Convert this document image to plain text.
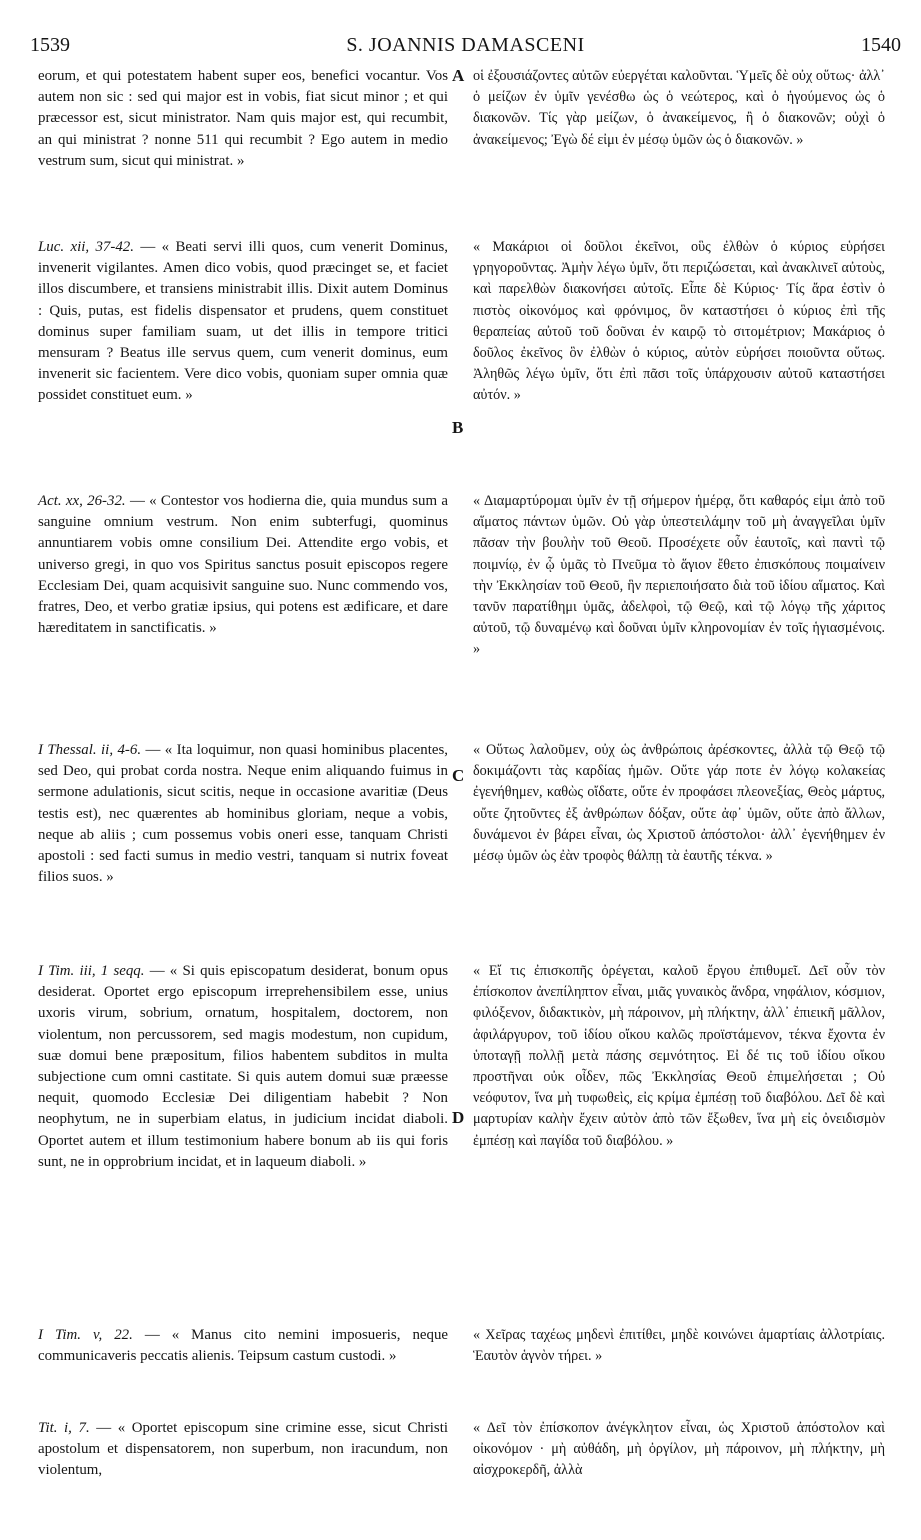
1539	S. JOANNIS DAMASCENI	1540
A
B
C
D

eorum, et qui potestatem habent super eos, benefici vocantur. Vos autem non sic : sed qui major est in vobis, fiat sicut minor ; et qui præcessor est, sicut ministrator. Nam quis major est, qui recumbit, an qui ministrat ? nonne 511 qui recumbit ? Ego autem in medio vestrum sum, sicut qui ministrat. »

Luc. xii, 37-42. — « Beati servi illi quos, cum venerit Dominus, invenerit vigilantes. Amen dico vobis, quod præcinget se, et faciet illos discumbere, et transiens ministrabit illis. Dixit autem Dominus : Quis, putas, est fidelis dispensator et prudens, quem constituet dominus super familiam suam, ut det illis in tempore tritici mensuram ? Beatus ille servus quem, cum venerit dominus, eum invenerit sic facientem. Vere dico vobis, quoniam super omnia quæ possidet constituet eum. »

Act. xx, 26-32. — « Contestor vos hodierna die, quia mundus sum a sanguine omnium vestrum. Non enim subterfugi, quominus annuntiarem vobis omne consilium Dei. Attendite ergo vobis, et universo gregi, in quo vos Spiritus sanctus posuit episcopos regere Ecclesiam Dei, quam acquisivit sanguine suo. Nunc commendo vos, fratres, Deo, et verbo gratiæ ipsius, qui potens est ædificare, et dare hæreditatem in sanctificatis. »

I Thessal. ii, 4-6. — « Ita loquimur, non quasi hominibus placentes, sed Deo, qui probat corda nostra. Neque enim aliquando fuimus in sermone adulationis, sicut scitis, neque in occasione avaritiæ (Deus testis est), nec quærentes ab hominibus gloriam, neque a vobis, neque ab aliis ; cum possemus vobis oneri esse, tanquam Christi apostoli : sed facti sumus in medio vestri, tanquam si nutrix foveat filios suos. »

I Tim. iii, 1 seqq. — « Si quis episcopatum desiderat, bonum opus desiderat. Oportet ergo episcopum irreprehensibilem esse, unius uxoris virum, sobrium, ornatum, hospitalem, doctorem, non violentum, non percussorem, sed magis modestum, non cupidum, suæ domui bene præpositum, filios habentem subditos in multa subjectione cum omni castitate. Si quis autem domui suæ præesse nequit, quomodo Ecclesiæ Dei diligentiam habebit ? Non neophytum, ne in superbiam elatus, in judicium incidat diaboli. Oportet autem et illum testimonium habere bonum ab iis qui foris sunt, ne in opprobrium incidat, et in laqueum diaboli. »

I Tim. v, 22. — « Manus cito nemini imposueris, neque communicaveris peccatis alienis. Teipsum castum custodi. »

Tit. i, 7. — « Oportet episcopum sine crimine esse, sicut Christi apostolum et dispensatorem, non superbum, non iracundum, non violentum,

οἱ ἐξουσιάζοντες αὐτῶν εὐεργέται καλοῦνται. Ὑμεῖς δὲ οὐχ οὕτως· ἀλλ᾽ ὁ μείζων ἐν ὑμῖν γενέσθω ὡς ὁ νεώτερος, καὶ ὁ ἡγούμενος ὡς ὁ διακονῶν. Τίς γὰρ μείζων, ὁ ἀνακείμενος, ἢ ὁ διακονῶν; οὐχὶ ὁ ἀνακείμενος; Ἐγὼ δέ εἰμι ἐν μέσῳ ὑμῶν ὡς ὁ διακονῶν. »

« Μακάριοι οἱ δοῦλοι ἐκεῖνοι, οὓς ἐλθὼν ὁ κύριος εὑρήσει γρηγοροῦντας. Ἀμὴν λέγω ὑμῖν, ὅτι περιζώσεται, καὶ ἀνακλινεῖ αὐτοὺς, καὶ παρελθὼν διακονήσει αὐτοῖς. Εἶπε δὲ Κύριος· Τίς ἄρα ἐστὶν ὁ πιστὸς οἰκονόμος καὶ φρόνιμος, ὃν καταστήσει ὁ κύριος ἐπὶ τῆς θεραπείας αὐτοῦ τοῦ δοῦναι ἐν καιρῷ τὸ σιτομέτριον; Μακάριος ὁ δοῦλος ἐκεῖνος ὃν ἐλθὼν ὁ κύριος, αὐτὸν εὑρήσει ποιοῦντα οὕτως. Ἀληθῶς λέγω ὑμῖν, ὅτι ἐπὶ πᾶσι τοῖς ὑπάρχουσιν αὐτοῦ καταστήσει αὐτόν. »

« Διαμαρτύρομαι ὑμῖν ἐν τῇ σήμερον ἡμέρᾳ, ὅτι καθαρός εἰμι ἀπὸ τοῦ αἵματος πάντων ὑμῶν. Οὐ γὰρ ὑπεστειλάμην τοῦ μὴ ἀναγγεῖλαι ὑμῖν πᾶσαν τὴν βουλὴν τοῦ Θεοῦ. Προσέχετε οὖν ἑαυτοῖς, καὶ παντὶ τῷ ποιμνίῳ, ἐν ᾧ ὑμᾶς τὸ Πνεῦμα τὸ ἅγιον ἔθετο ἐπισκόπους ποιμαίνειν τὴν Ἐκκλησίαν τοῦ Θεοῦ, ἣν περιεποιήσατο διὰ τοῦ ἰδίου αἵματος. Καὶ τανῦν παρατίθημι ὑμᾶς, ἀδελφοὶ, τῷ Θεῷ, καὶ τῷ λόγῳ τῆς χάριτος αὐτοῦ, τῷ δυναμένῳ καὶ δοῦναι ὑμῖν κληρονομίαν ἐν τοῖς ἡγιασμένοις. »

« Οὕτως λαλοῦμεν, οὐχ ὡς ἀνθρώποις ἀρέσκοντες, ἀλλὰ τῷ Θεῷ τῷ δοκιμάζοντι τὰς καρδίας ἡμῶν. Οὔτε γάρ ποτε ἐν λόγῳ κολακείας ἐγενήθημεν, καθὼς οἴδατε, οὔτε ἐν προφάσει πλεονεξίας, Θεὸς μάρτυς, οὔτε ζητοῦντες ἐξ ἀνθρώπων δόξαν, οὔτε ἀφ᾽ ὑμῶν, οὔτε ἀπὸ ἄλλων, δυνάμενοι ἐν βάρει εἶναι, ὡς Χριστοῦ ἀπόστολοι· ἀλλ᾽ ἐγενήθημεν ἐν μέσῳ ὑμῶν ὡς ἐὰν τροφὸς θάλπῃ τὰ ἑαυτῆς τέκνα. »

« Εἴ τις ἐπισκοπῆς ὀρέγεται, καλοῦ ἔργου ἐπιθυμεῖ. Δεῖ οὖν τὸν ἐπίσκοπον ἀνεπίληπτον εἶναι, μιᾶς γυναικὸς ἄνδρα, νηφάλιον, κόσμιον, φιλόξενον, διδακτικὸν, μὴ πάροινον, μὴ πλήκτην, ἀλλ᾽ ἐπιεικῆ μᾶλλον, ἀφιλάργυρον, τοῦ ἰδίου οἴκου καλῶς προϊστάμενον, τέκνα ἔχοντα ἐν ὑποταγῇ πολλῇ μετὰ πάσης σεμνότητος. Εἰ δέ τις τοῦ ἰδίου οἴκου προστῆναι οὐκ οἶδεν, πῶς Ἐκκλησίας Θεοῦ ἐπιμελήσεται ; Οὐ νεόφυτον, ἵνα μὴ τυφωθεὶς, εἰς κρίμα ἐμπέσῃ τοῦ διαβόλου. Δεῖ δὲ καὶ μαρτυρίαν καλὴν ἔχειν αὐτὸν ἀπὸ τῶν ἔξωθεν, ἵνα μὴ εἰς ὀνειδισμὸν ἐμπέσῃ καὶ παγίδα τοῦ διαβόλου. »

« Χεῖρας ταχέως μηδενὶ ἐπιτίθει, μηδὲ κοινώνει ἁμαρτίαις ἀλλοτρίαις. Ἑαυτὸν ἁγνὸν τήρει. »

« Δεῖ τὸν ἐπίσκοπον ἀνέγκλητον εἶναι, ὡς Χριστοῦ ἀπόστολον καὶ οἰκονόμον · μὴ αὐθάδη, μὴ ὀργίλον, μὴ πάροινον, μὴ πλήκτην, μὴ αἰσχροκερδῆ, ἀλλὰ
